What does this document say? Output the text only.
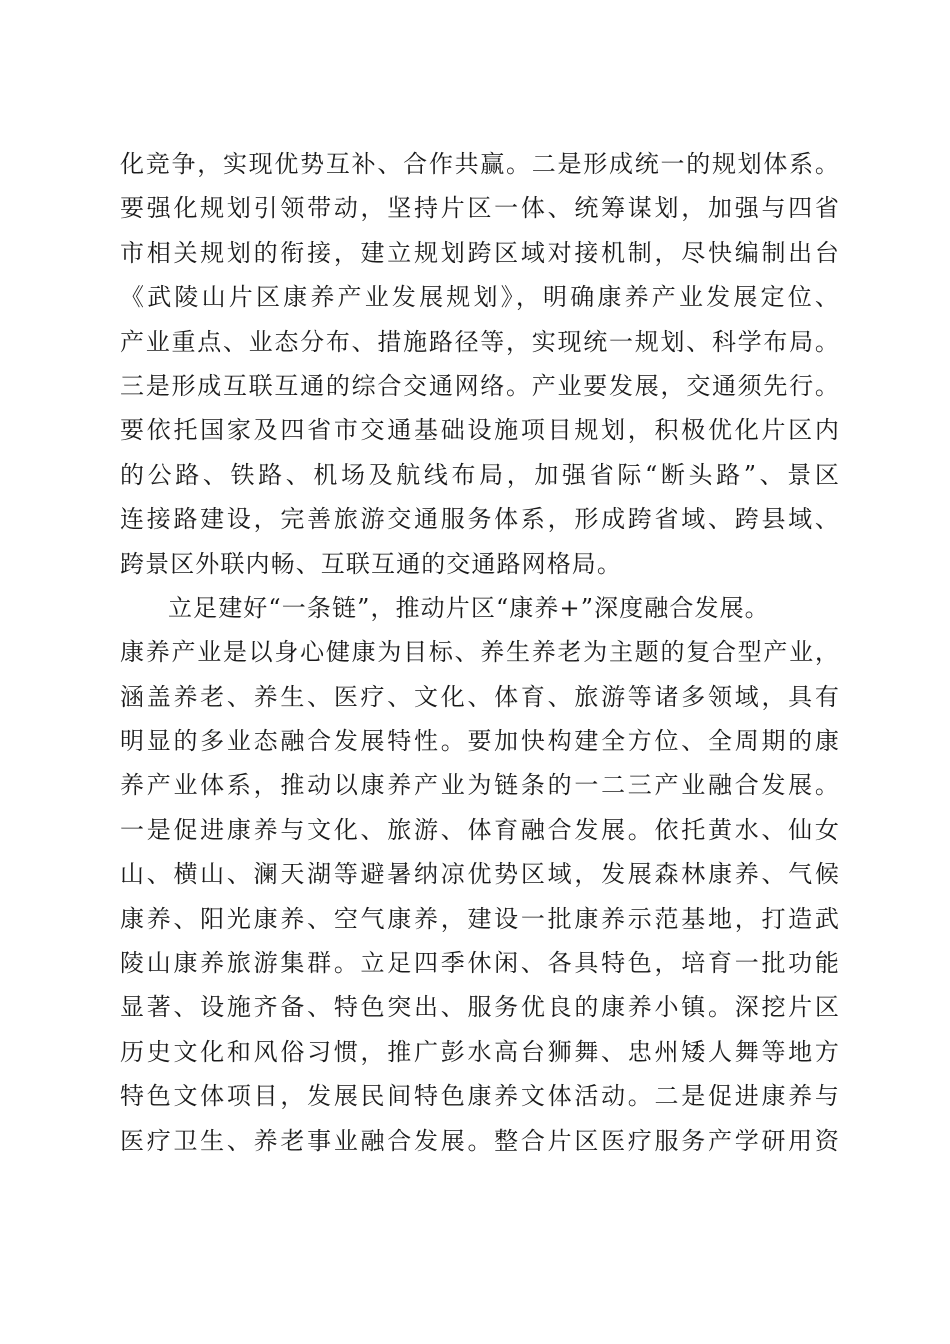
化竞争，实现优势互补、合作共赢。二是形成统一的规划体系。
要强化规划引领带动，坚持片区一体、统筹谋划，加强与四省
市相关规划的衔接，建立规划跨区域对接机制，尽快编制出台
《武陵山片区康养产业发展规划》，明确康养产业发展定位、
产业重点、业态分布、措施路径等，实现统一规划、科学布局。
三是形成互联互通的综合交通网络。产业要发展，交通须先行。
要依托国家及四省市交通基础设施项目规划，积极优化片区内
的公路、铁路、机场及航线布局，加强省际“断头路”、景区
连接路建设，完善旅游交通服务体系，形成跨省域、跨县域、
跨景区外联内畅、互联互通的交通路网格局。
立足建好“一条链”，推动片区“康养+”深度融合发展。
康养产业是以身心健康为目标、养生养老为主题的复合型产业，
涵盖养老、养生、医疗、文化、体育、旅游等诸多领域，具有
明显的多业态融合发展特性。要加快构建全方位、全周期的康
养产业体系，推动以康养产业为链条的一二三产业融合发展。
一是促进康养与文化、旅游、体育融合发展。依托黄水、仙女
山、横山、澜天湖等避暑纳凉优势区域，发展森林康养、气候
康养、阳光康养、空气康养，建设一批康养示范基地，打造武
陵山康养旅游集群。立足四季休闲、各具特色，培育一批功能
显著、设施齐备、特色突出、服务优良的康养小镇。深挖片区
历史文化和风俗习惯，推广彭水高台狮舞、忠州矮人舞等地方
特色文体项目，发展民间特色康养文体活动。二是促进康养与
医疗卫生、养老事业融合发展。整合片区医疗服务产学研用资
